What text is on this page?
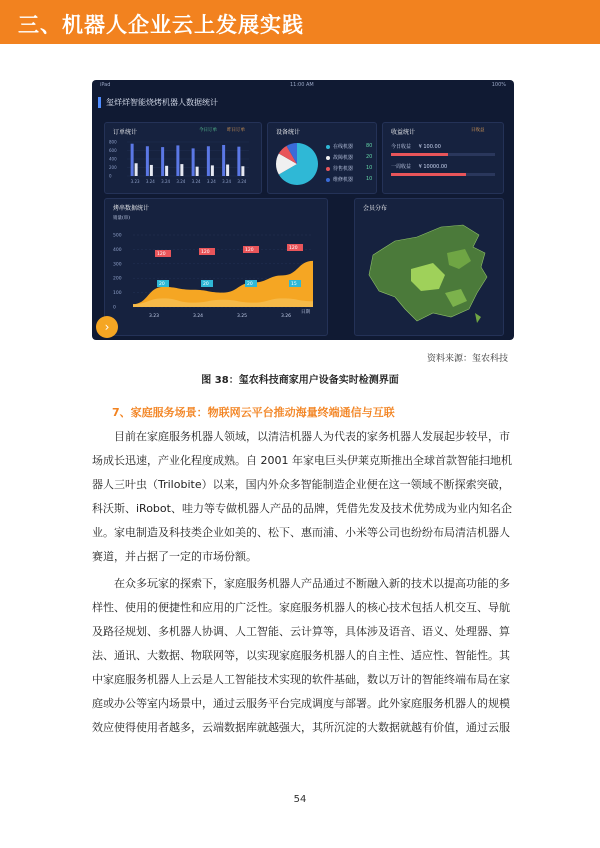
三、机器人企业云上发展实践
iPad	11:00 AM	100%
玺烊烊智能烧烤机器人数据统计
订单统计	今日订单 昨日订单
800
600
400
200
0
3.23 3.24 3.24 3.24 3.24 3.24 3.24 3.24
设备统计
在线机器	80
故障机器	20
待售机器	10
维修机器	10
收益统计	日收益
今日收益 ¥ 100.00
一周收益 ¥ 10000.00
烤串数据统计
销量(串)
500
400
300
200
100
0
120	120	120	120
20	20	20	15
3.23	3.24	3.25	3.26
日期
›
会员分布
资料来源：玺农科技
图 38：玺农科技商家用户设备实时检测界面
7、家庭服务场景：物联网云平台推动海量终端通信与互联
目前在家庭服务机器人领域，以清洁机器人为代表的家务机器人发展起步较早，市
场成长迅速，产业化程度成熟。自 2001 年家电巨头伊莱克斯推出全球首款智能扫地机
器人三叶虫（Trilobite）以来，国内外众多智能制造企业便在这一领域不断探索突破，
科沃斯、iRobot、哇力等专做机器人产品的品牌，凭借先发及技术优势成为业内知名企
业。家电制造及科技类企业如美的、松下、惠而浦、小米等公司也纷纷布局清洁机器人
赛道，并占据了一定的市场份额。
在众多玩家的探索下，家庭服务机器人产品通过不断融入新的技术以提高功能的多
样性、使用的便捷性和应用的广泛性。家庭服务机器人的核心技术包括人机交互、导航
及路径规划、多机器人协调、人工智能、云计算等，具体涉及语音、语义、处理器、算
法、通讯、大数据、物联网等，以实现家庭服务机器人的自主性、适应性、智能性。其
中家庭服务机器人上云是人工智能技术实现的软件基础，数以万计的智能终端布局在家
庭或办公等室内场景中，通过云服务平台完成调度与部署。此外家庭服务机器人的规模
效应使得使用者越多，云端数据库就越强大，其所沉淀的大数据就越有价值，通过云服
54
